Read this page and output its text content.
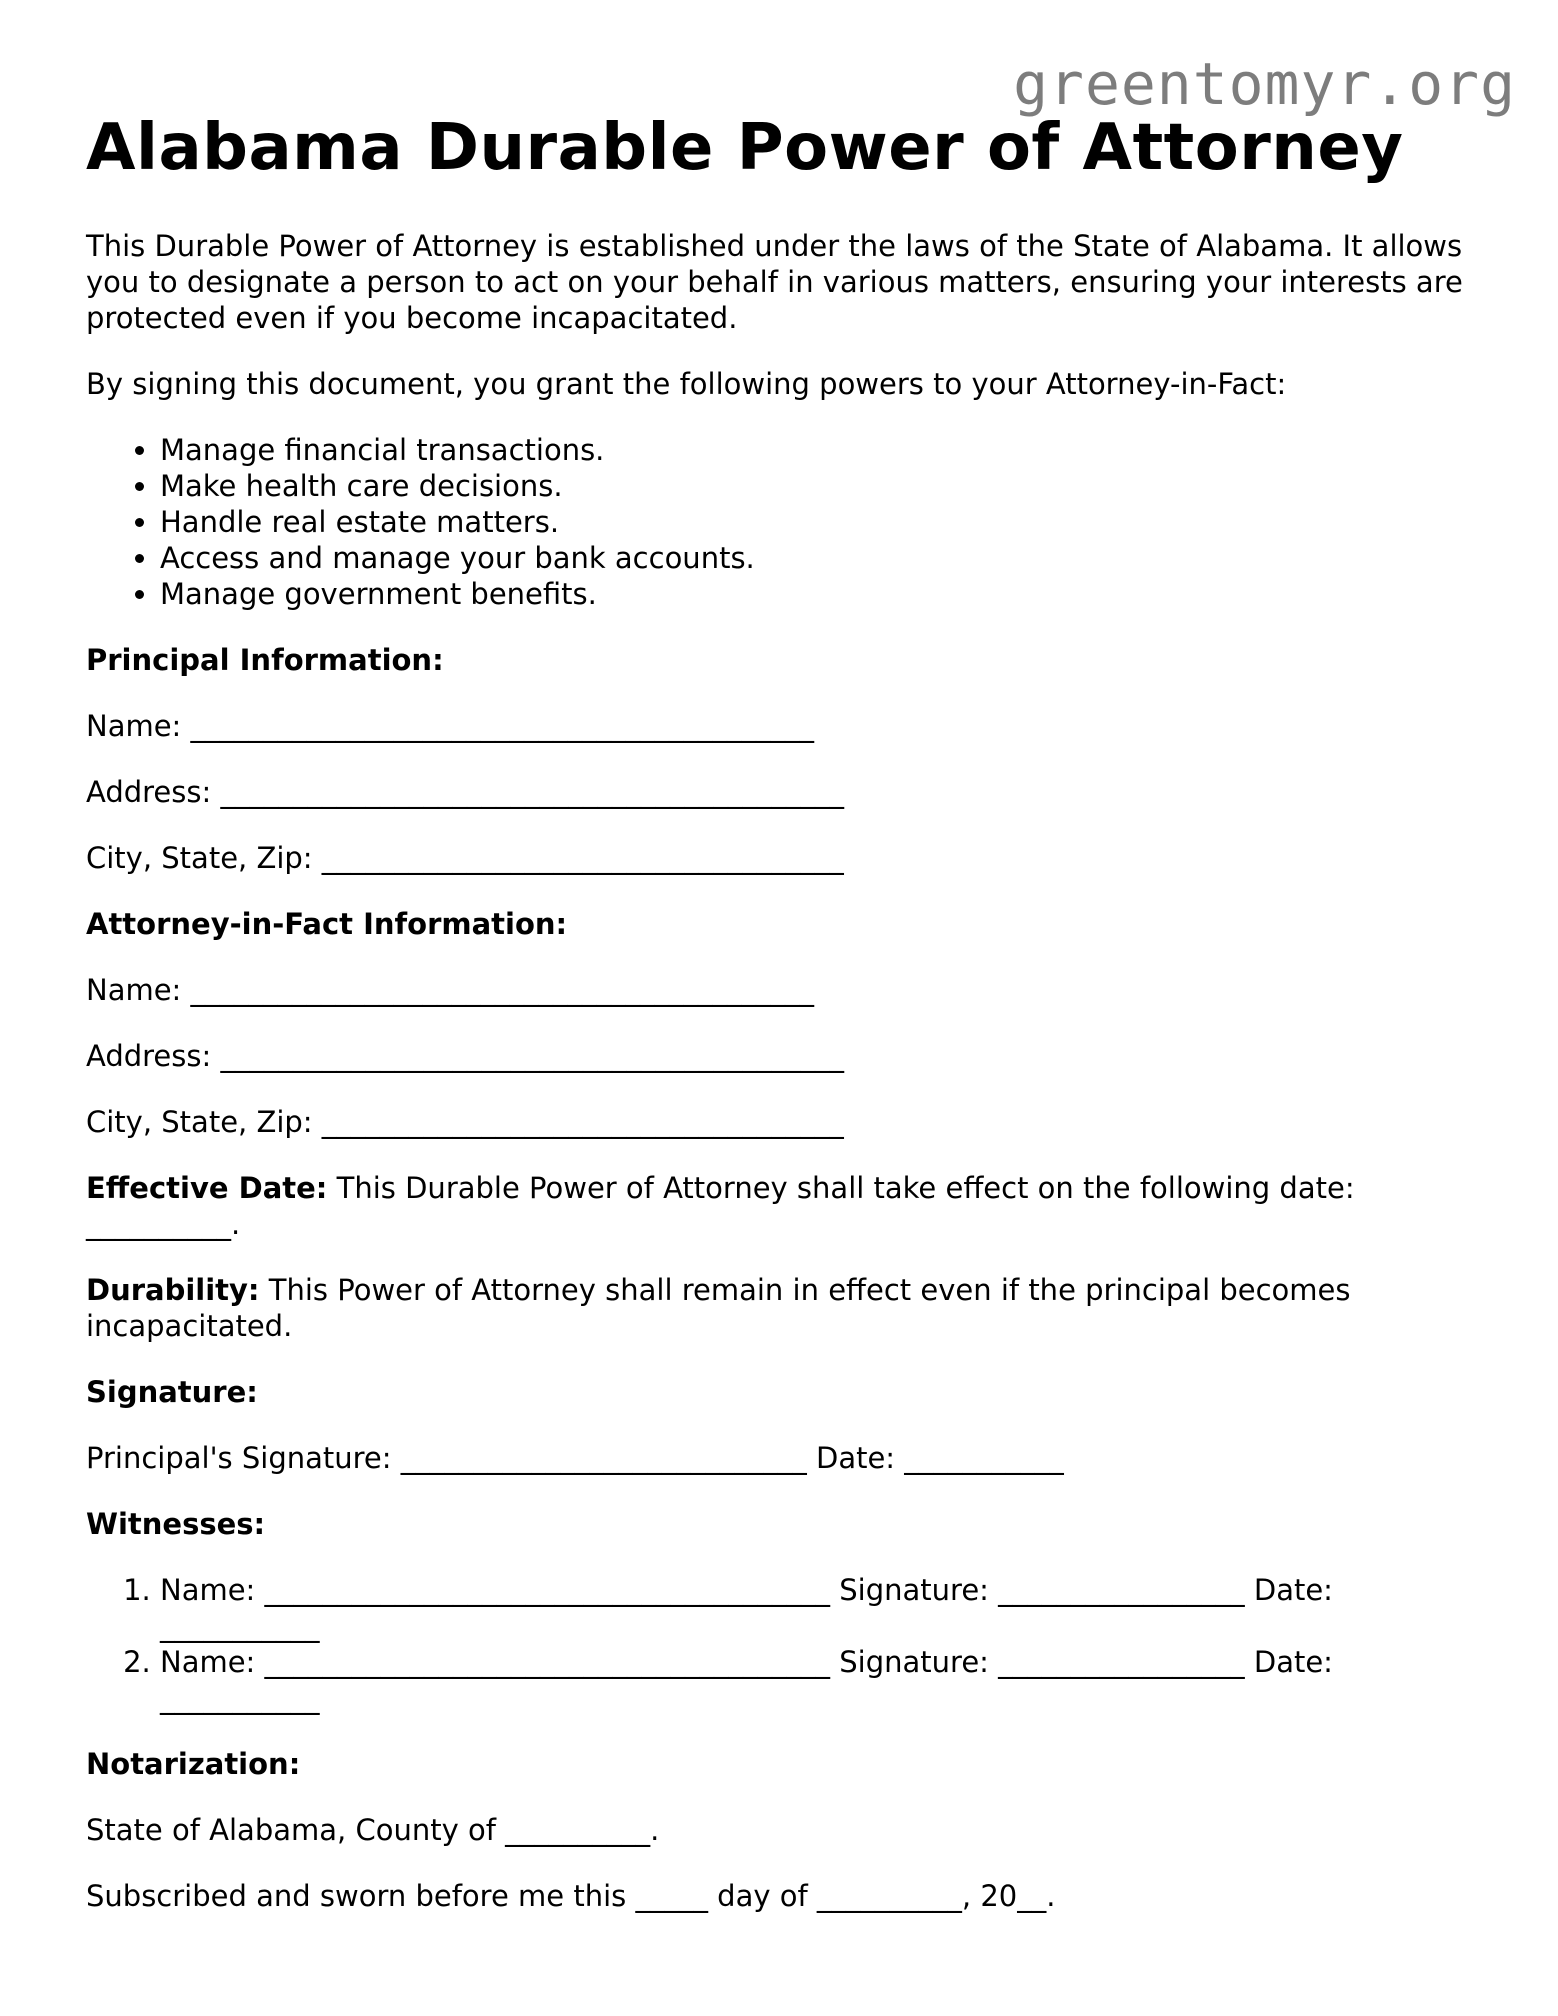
greentomyr.org
Alabama Durable Power of Attorney

This Durable Power of Attorney is established under the laws of the State of Alabama. It allows you to designate a person to act on your behalf in various matters, ensuring your interests are protected even if you become incapacitated.

By signing this document, you grant the following powers to your Attorney-in-Fact:

• Manage financial transactions.
• Make health care decisions.
• Handle real estate matters.
• Access and manage your bank accounts.
• Manage government benefits.

Principal Information:

Name: ___________________________________________

Address: ___________________________________________

City, State, Zip: ____________________________________

Attorney-in-Fact Information:

Name: ___________________________________________

Address: ___________________________________________

City, State, Zip: ____________________________________

Effective Date: This Durable Power of Attorney shall take effect on the following date: __________.

Durability: This Power of Attorney shall remain in effect even if the principal becomes incapacitated.

Signature:

Principal's Signature: ____________________________ Date: ___________

Witnesses:

1. Name: _______________________________________ Signature: _________________ Date: ___________
2. Name: _______________________________________ Signature: _________________ Date: ___________

Notarization:

State of Alabama, County of __________.

Subscribed and sworn before me this _____ day of __________, 20__.
